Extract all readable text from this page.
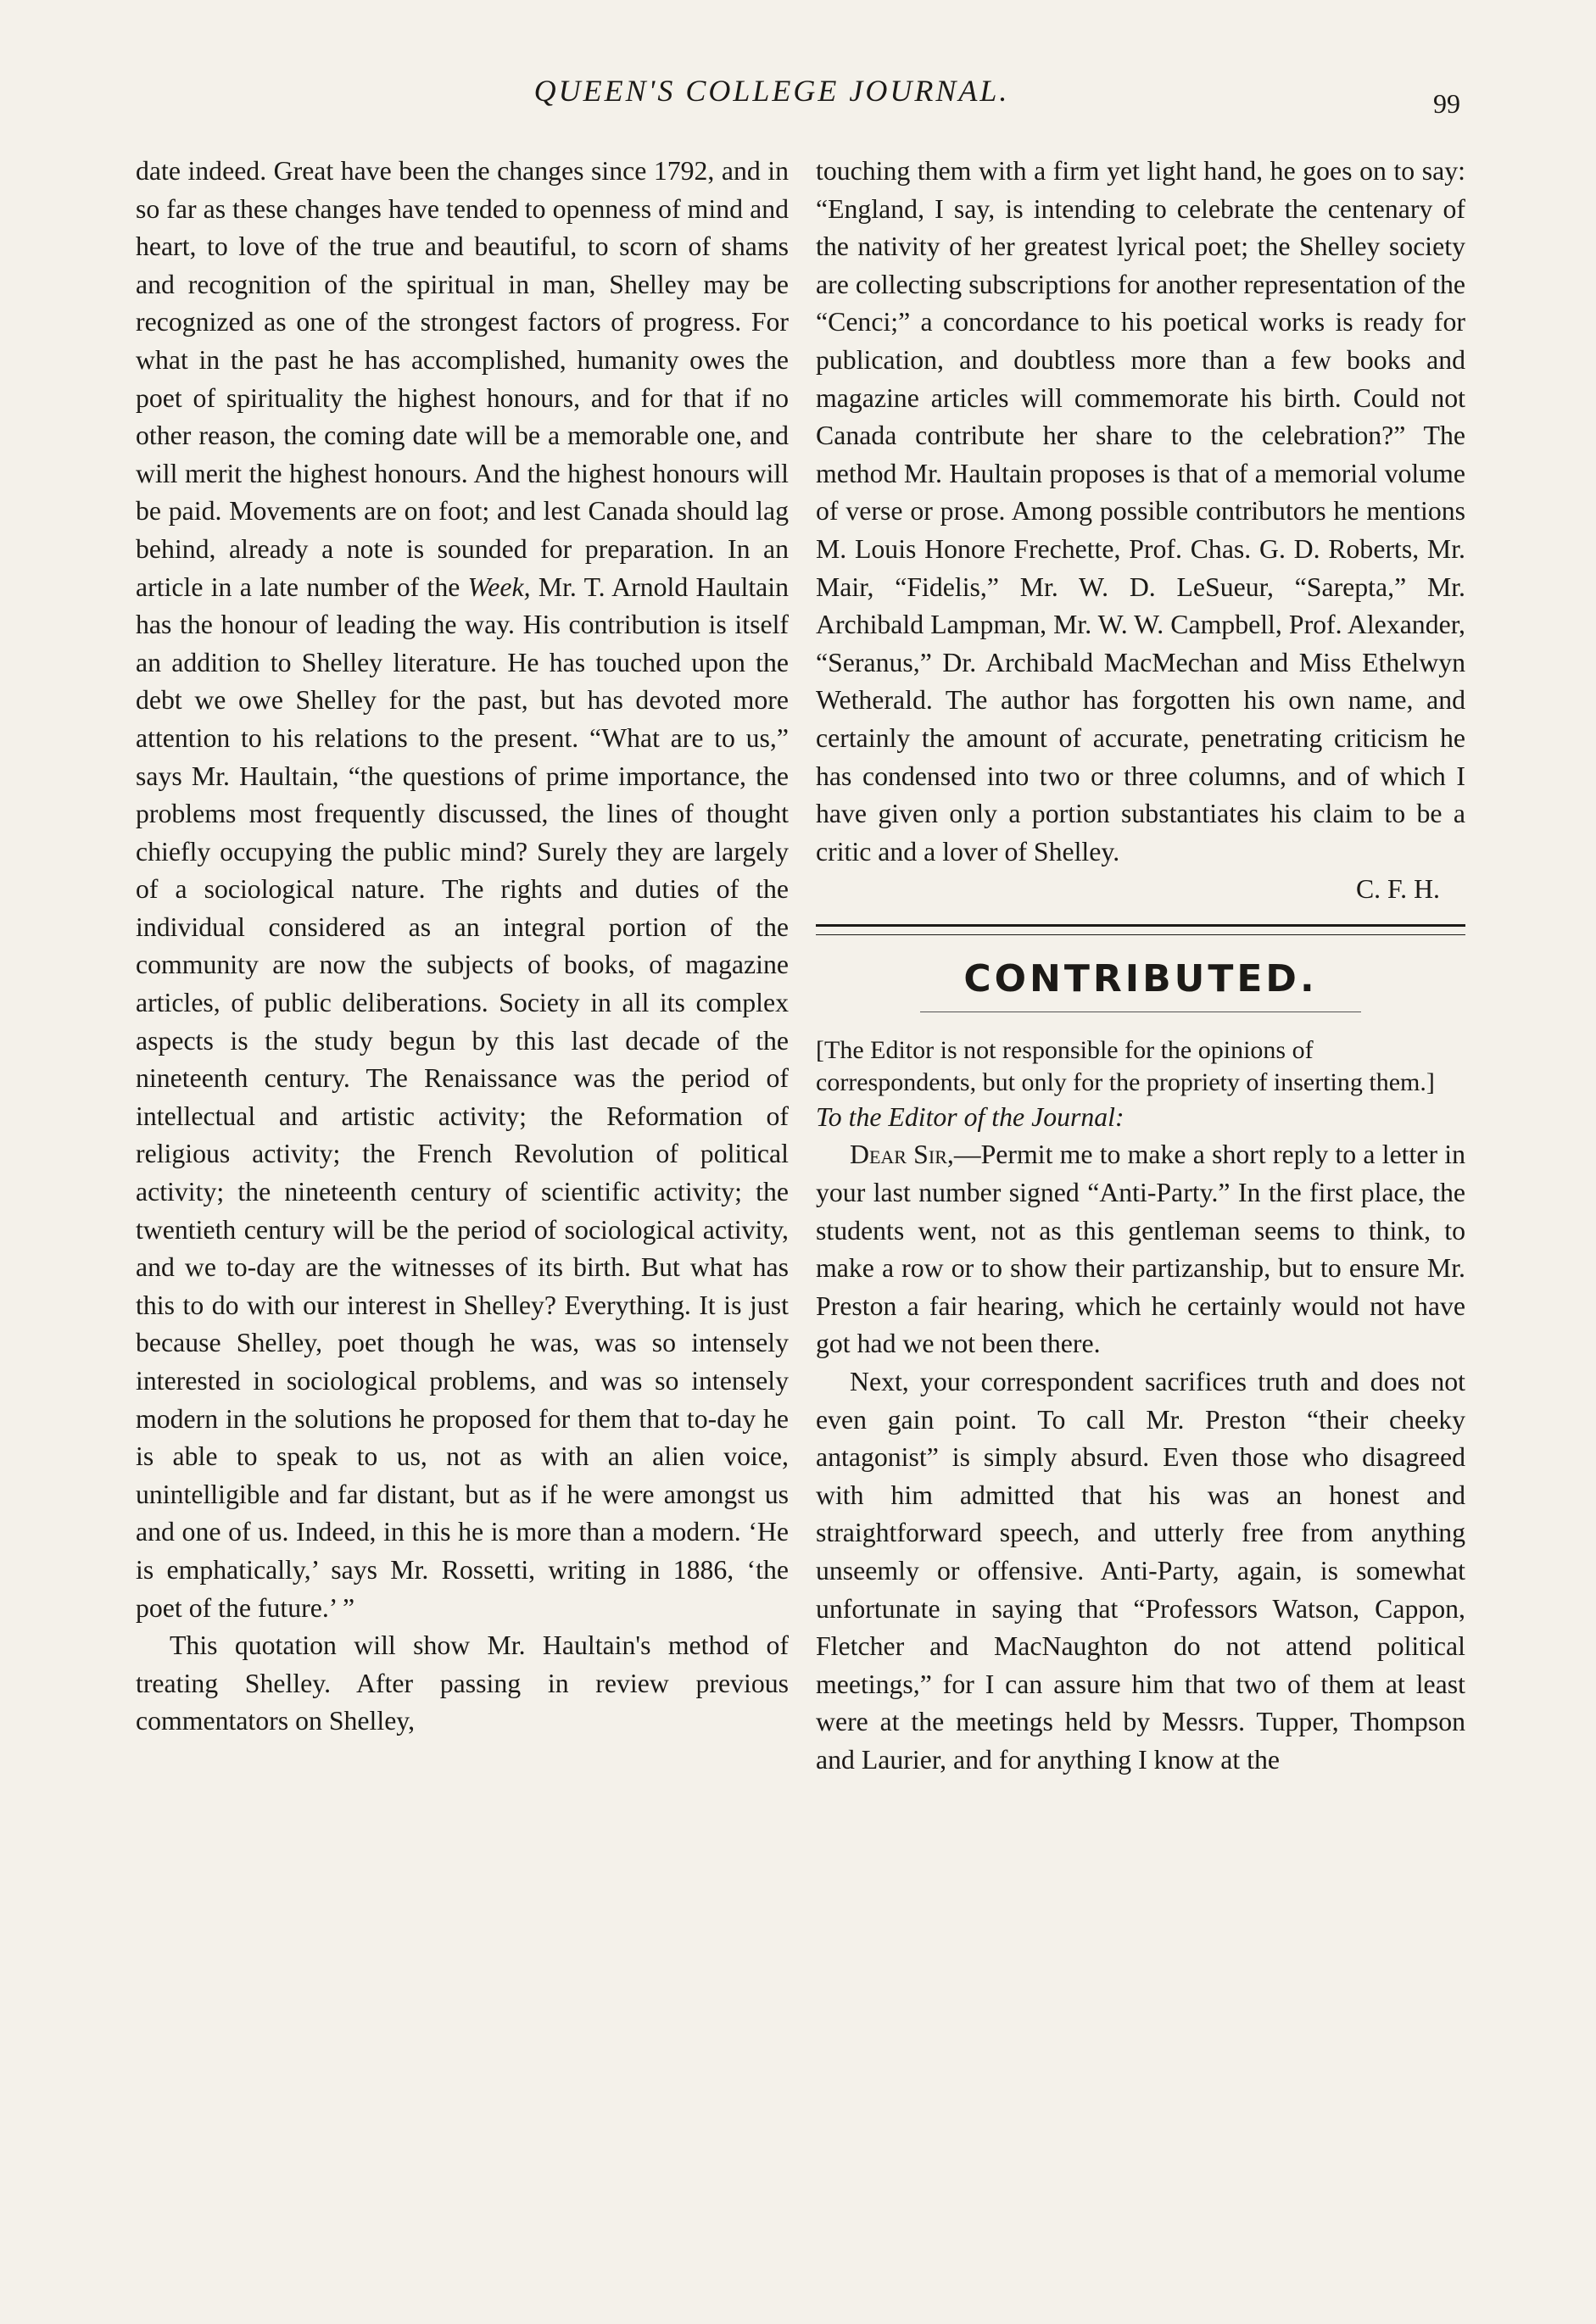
QUEEN'S COLLEGE JOURNAL.	99

date indeed. Great have been the changes since 1792, and in so far as these changes have tended to openness of mind and heart, to love of the true and beautiful, to scorn of shams and recognition of the spiritual in man, Shelley may be recognized as one of the strongest factors of progress. For what in the past he has accomplished, humanity owes the poet of spirituality the highest honours, and for that if no other reason, the coming date will be a memorable one, and will merit the highest honours. And the highest honours will be paid. Movements are on foot; and lest Canada should lag behind, already a note is sounded for preparation. In an article in a late number of the Week, Mr. T. Arnold Haultain has the honour of leading the way. His contribution is itself an addition to Shelley literature. He has touched upon the debt we owe Shelley for the past, but has devoted more attention to his relations to the present. “What are to us,” says Mr. Haultain, “the questions of prime importance, the problems most frequently discussed, the lines of thought chiefly occupying the public mind? Surely they are largely of a sociological nature. The rights and duties of the individual considered as an integral portion of the community are now the subjects of books, of magazine articles, of public deliberations. Society in all its complex aspects is the study begun by this last decade of the nineteenth century. The Renaissance was the period of intellectual and artistic activity; the Reformation of religious activity; the French Revolution of political activity; the nineteenth century of scientific activity; the twentieth century will be the period of sociological activity, and we to-day are the witnesses of its birth. But what has this to do with our interest in Shelley? Everything. It is just because Shelley, poet though he was, was so intensely interested in sociological problems, and was so intensely modern in the solutions he proposed for them that to-day he is able to speak to us, not as with an alien voice, unintelligible and far distant, but as if he were amongst us and one of us. Indeed, in this he is more than a modern. ‘He is emphatically,’ says Mr. Rossetti, writing in 1886, ‘the poet of the future.’ ”

This quotation will show Mr. Haultain's method of treating Shelley. After passing in review previous commentators on Shelley,

touching them with a firm yet light hand, he goes on to say: “England, I say, is intending to celebrate the centenary of the nativity of her greatest lyrical poet; the Shelley society are collecting subscriptions for another representation of the “Cenci;” a concordance to his poetical works is ready for publication, and doubtless more than a few books and magazine articles will commemorate his birth. Could not Canada contribute her share to the celebration?” The method Mr. Haultain proposes is that of a memorial volume of verse or prose. Among possible contributors he mentions M. Louis Honore Frechette, Prof. Chas. G. D. Roberts, Mr. Mair, “Fidelis,” Mr. W. D. LeSueur, “Sarepta,” Mr. Archibald Lampman, Mr. W. W. Campbell, Prof. Alexander, “Seranus,” Dr. Archibald MacMechan and Miss Ethelwyn Wetherald. The author has forgotten his own name, and certainly the amount of accurate, penetrating criticism he has condensed into two or three columns, and of which I have given only a portion substantiates his claim to be a critic and a lover of Shelley.

C. F. H.

CONTRIBUTED.

[The Editor is not responsible for the opinions of correspondents, but only for the propriety of inserting them.]

To the Editor of the Journal:

Dear Sir,—Permit me to make a short reply to a letter in your last number signed “Anti-Party.” In the first place, the students went, not as this gentleman seems to think, to make a row or to show their partizanship, but to ensure Mr. Preston a fair hearing, which he certainly would not have got had we not been there.

Next, your correspondent sacrifices truth and does not even gain point. To call Mr. Preston “their cheeky antagonist” is simply absurd. Even those who disagreed with him admitted that his was an honest and straightforward speech, and utterly free from anything unseemly or offensive. Anti-Party, again, is somewhat unfortunate in saying that “Professors Watson, Cappon, Fletcher and MacNaughton do not attend political meetings,” for I can assure him that two of them at least were at the meetings held by Messrs. Tupper, Thompson and Laurier, and for anything I know at the
